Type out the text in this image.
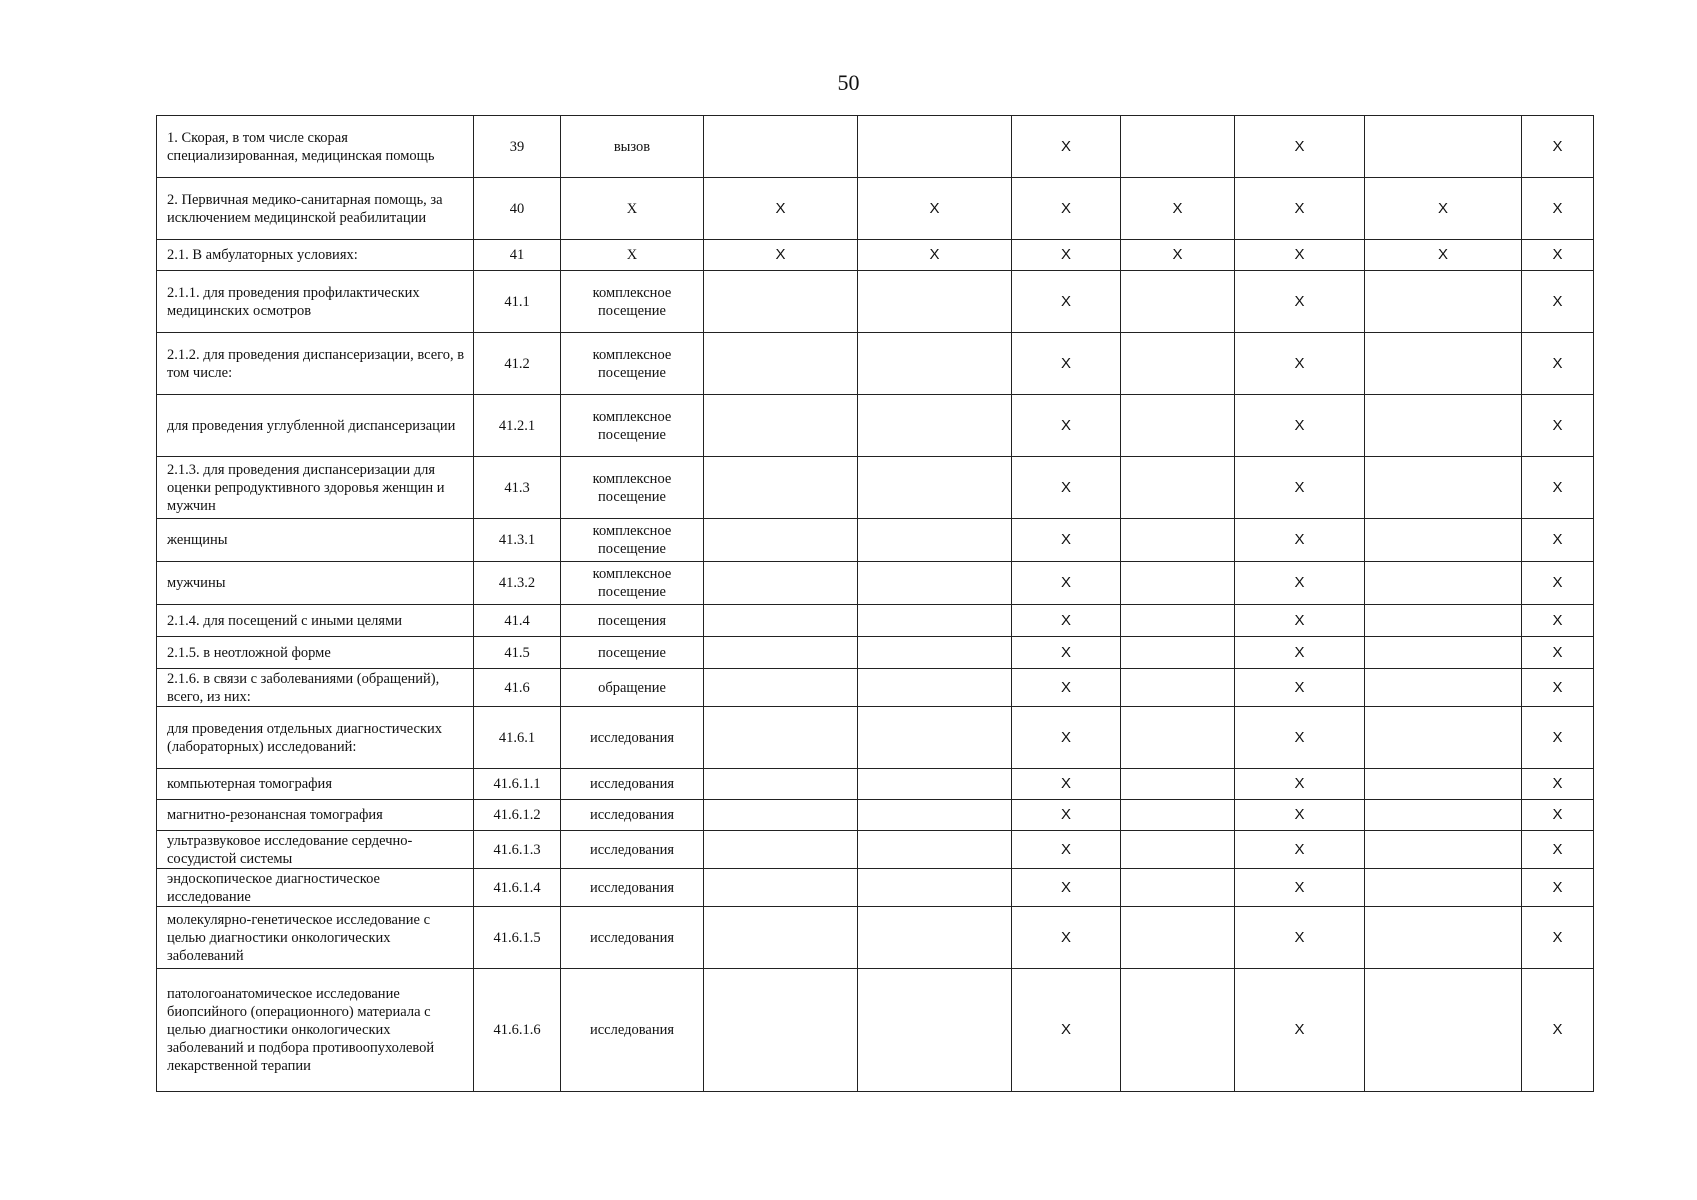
50
1. Скорая, в том числе скорая специализированная, медицинская помощь	39	вызов			X		X		X
2. Первичная медико-санитарная помощь, за исключением медицинской реабилитации	40	X	X	X	X	X	X	X	X
2.1. В амбулаторных условиях:	41	X	X	X	X	X	X	X	X
2.1.1. для проведения профилактических медицинских осмотров	41.1	комплексное посещение			X		X		X
2.1.2. для проведения диспансеризации, всего, в том числе:	41.2	комплексное посещение			X		X		X
для проведения углубленной диспансеризации	41.2.1	комплексное посещение			X		X		X
2.1.3. для проведения диспансеризации для оценки репродуктивного здоровья женщин и мужчин	41.3	комплексное посещение			X		X		X
женщины	41.3.1	комплексное посещение			X		X		X
мужчины	41.3.2	комплексное посещение			X		X		X
2.1.4. для посещений с иными целями	41.4	посещения			X		X		X
2.1.5. в неотложной форме	41.5	посещение			X		X		X
2.1.6. в связи с заболеваниями (обращений), всего, из них:	41.6	обращение			X		X		X
для проведения отдельных диагностических (лабораторных) исследований:	41.6.1	исследования			X		X		X
компьютерная томография	41.6.1.1	исследования			X		X		X
магнитно-резонансная томография	41.6.1.2	исследования			X		X		X
ультразвуковое исследование сердечно-сосудистой системы	41.6.1.3	исследования			X		X		X
эндоскопическое диагностическое исследование	41.6.1.4	исследования			X		X		X
молекулярно-генетическое исследование с целью диагностики онкологических заболеваний	41.6.1.5	исследования			X		X		X
патологоанатомическое исследование биопсийного (операционного) материала с целью диагностики онкологических заболеваний и подбора противоопухолевой лекарственной терапии	41.6.1.6	исследования			X		X		X
